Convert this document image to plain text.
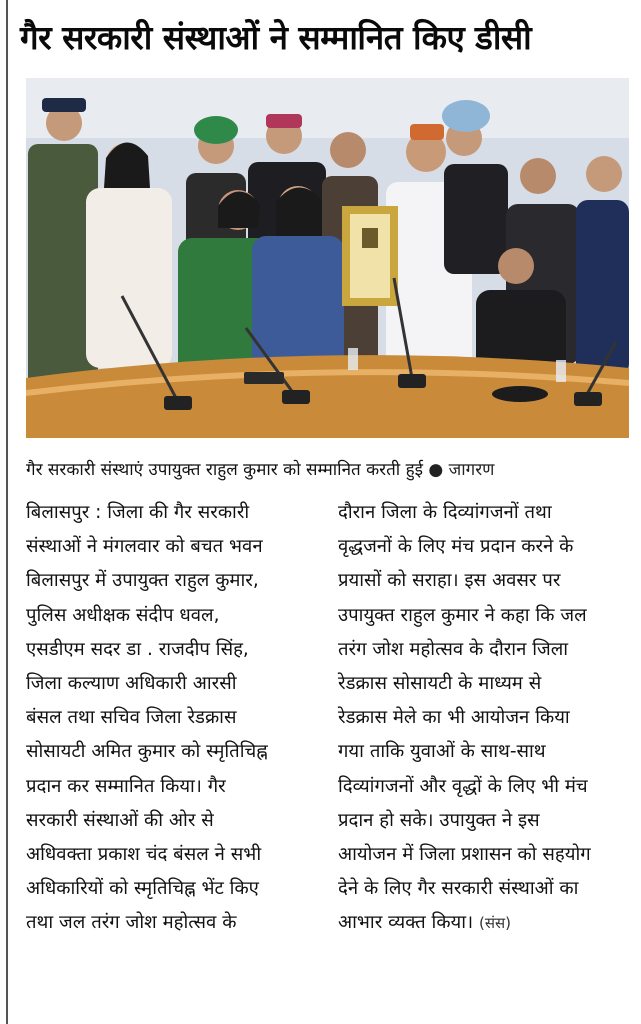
गैर सरकारी संस्थाओं ने सम्मानित किए डीसी
गैर सरकारी संस्थाएं उपायुक्त राहुल कुमार को सम्मानित करती हुई ● जागरण
बिलासपुर : जिला की गैर सरकारी
संस्थाओं ने मंगलवार को बचत भवन
बिलासपुर में उपायुक्त राहुल कुमार,
पुलिस अधीक्षक संदीप धवल,
एसडीएम सदर डा . राजदीप सिंह,
जिला कल्याण अधिकारी आरसी
बंसल तथा सचिव जिला रेडक्रास
सोसायटी अमित कुमार को स्मृतिचिह्न
प्रदान कर सम्मानित किया। गैर
सरकारी संस्थाओं की ओर से
अधिवक्ता प्रकाश चंद बंसल ने सभी
अधिकारियों को स्मृतिचिह्न भेंट किए
तथा जल तरंग जोश महोत्सव के
दौरान जिला के दिव्यांगजनों तथा
वृद्धजनों के लिए मंच प्रदान करने के
प्रयासों को सराहा। इस अवसर पर
उपायुक्त राहुल कुमार ने कहा कि जल
तरंग जोश महोत्सव के दौरान जिला
रेडक्रास सोसायटी के माध्यम से
रेडक्रास मेले का भी आयोजन किया
गया ताकि युवाओं के साथ-साथ
दिव्यांगजनों और वृद्धों के लिए भी मंच
प्रदान हो सके। उपायुक्त ने इस
आयोजन में जिला प्रशासन को सहयोग
देने के लिए गैर सरकारी संस्थाओं का
आभार व्यक्त किया। (संस)
